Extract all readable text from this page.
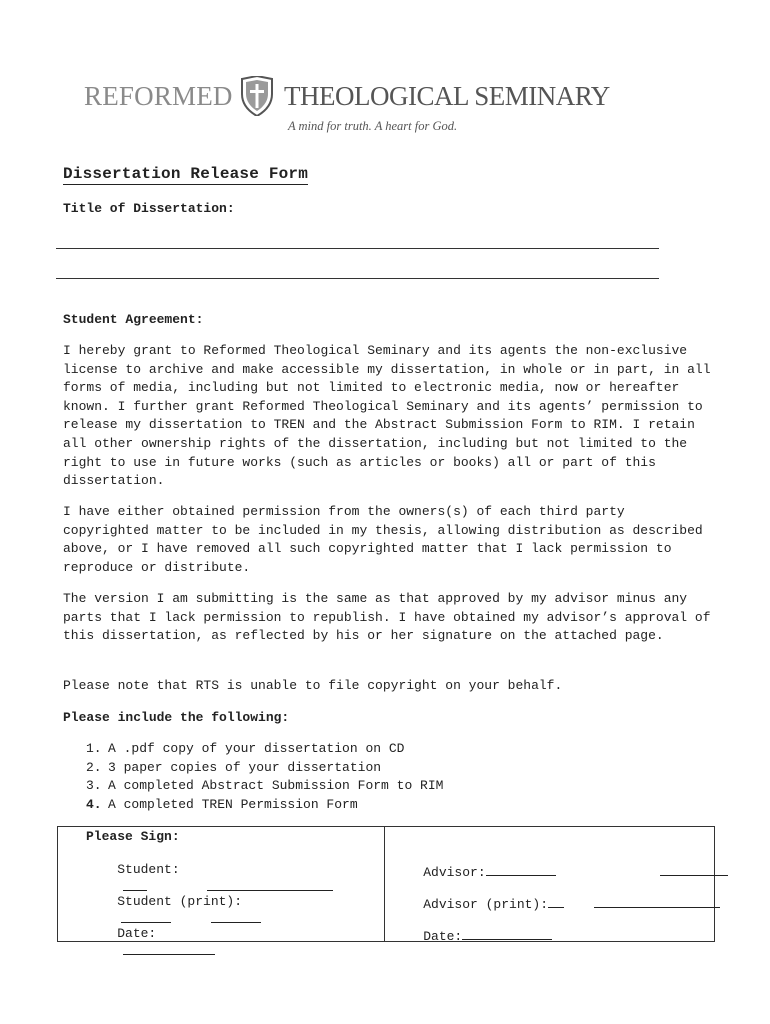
REFORMED THEOLOGICAL SEMINARY
A mind for truth. A heart for God.
Dissertation Release Form
Title of Dissertation:
Student Agreement:

I hereby grant to Reformed Theological Seminary and its agents the non-exclusive license to archive and make accessible my dissertation, in whole or in part, in all forms of media, including but not limited to electronic media, now or hereafter known. I further grant Reformed Theological Seminary and its agents’ permission to release my dissertation to TREN and the Abstract Submission Form to RIM. I retain all other ownership rights of the dissertation, including but not limited to the right to use in future works (such as articles or books) all or part of this dissertation.

I have either obtained permission from the owners(s) of each third party copyrighted matter to be included in my thesis, allowing distribution as described above, or I have removed all such copyrighted matter that I lack permission to reproduce or distribute.

The version I am submitting is the same as that approved by my advisor minus any parts that I lack permission to republish. I have obtained my advisor’s approval of this dissertation, as reflected by his or her signature on the attached page.

Please note that RTS is unable to file copyright on your behalf.

Please include the following:
1. A .pdf copy of your dissertation on CD
2. 3 paper copies of your dissertation
3. A completed Abstract Submission Form to RIM
4. A completed TREN Permission Form
Please Sign:

Student:

Student (print):

Date:

Advisor:

Advisor (print):

Date:
